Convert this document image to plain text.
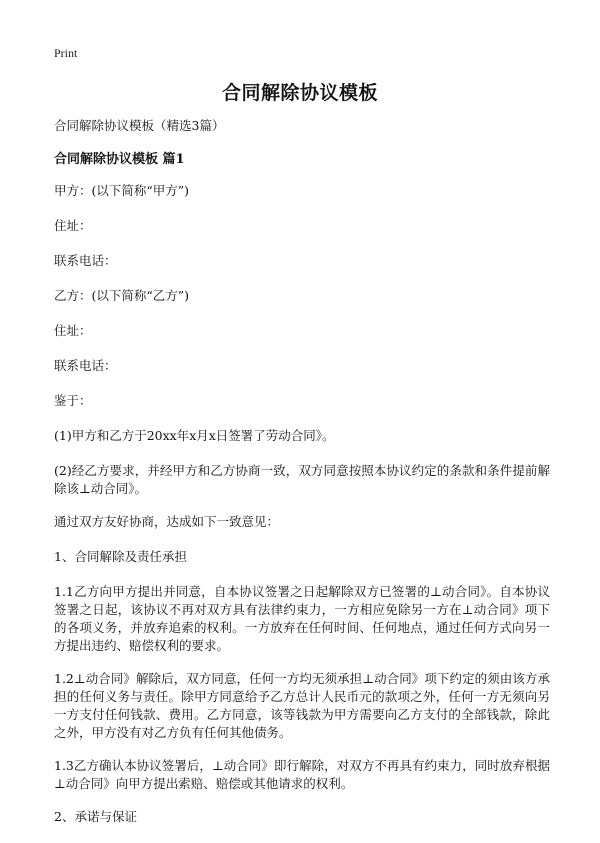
Print
合同解除协议模板

合同解除协议模板（精选3篇）

合同解除协议模板 篇1

甲方：(以下简称“甲方”)

住址：

联系电话：

乙方：(以下简称“乙方”)

住址：

联系电话：

鉴于：

(1)甲方和乙方于20xx年x月x日签署了劳动合同》。

(2)经乙方要求，并经甲方和乙方协商一致，双方同意按照本协议约定的条款和条件提前解除该⊥动合同》。

通过双方友好协商，达成如下一致意见：

1、合同解除及责任承担

1.1乙方向甲方提出并同意，自本协议签署之日起解除双方已签署的⊥动合同》。自本协议签署之日起，该协议不再对双方具有法律约束力，一方相应免除另一方在⊥动合同》项下的各项义务，并放弃追索的权利。一方放弃在任何时间、任何地点，通过任何方式向另一方提出违约、赔偿权利的要求。

1.2⊥动合同》解除后，双方同意，任何一方均无须承担⊥动合同》项下约定的须由该方承担的任何义务与责任。除甲方同意给予乙方总计人民币元的款项之外，任何一方无须向另一方支付任何钱款、费用。乙方同意，该等钱款为甲方需要向乙方支付的全部钱款，除此之外，甲方没有对乙方负有任何其他债务。

1.3乙方确认本协议签署后，⊥动合同》即行解除，对双方不再具有约束力，同时放弃根据⊥动合同》向甲方提出索赔、赔偿或其他请求的权利。

2、承诺与保证
